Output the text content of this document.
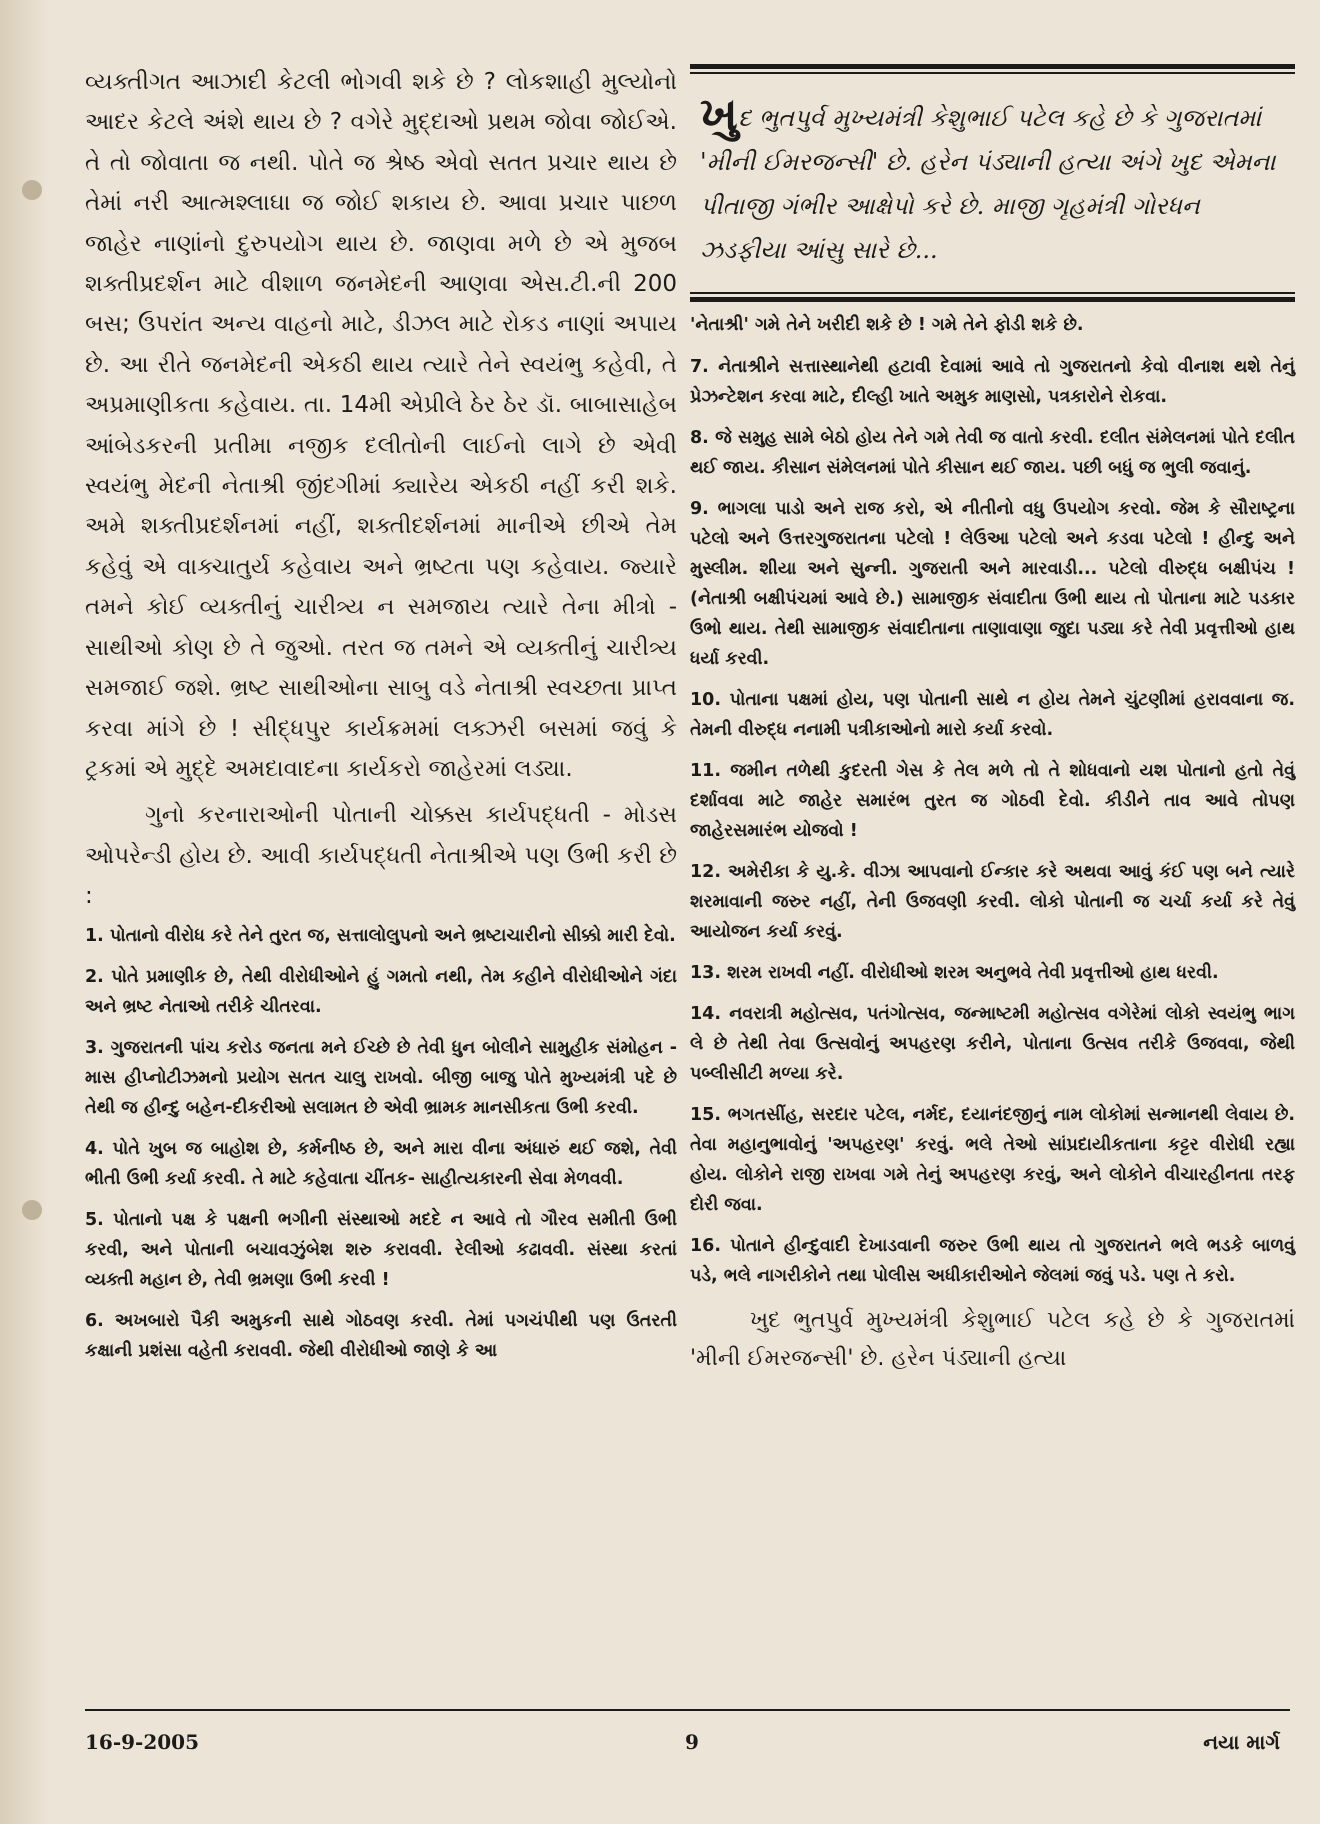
વ્યક્તીગત આઝાદી કેટલી ભોગવી શકે છે ? લોકશાહી મુલ્યોનો આદર કેટલે અંશે થાય છે ? વગેરે મુદ્દાઓ પ્રથમ જોવા જોઈએ. તે તો જોવાતા જ નથી. પોતે જ શ્રેષ્ઠ એવો સતત પ્રચાર થાય છે તેમાં નરી આત્મશ્લાઘા જ જોઈ શકાય છે. આવા પ્રચાર પાછળ જાહેર નાણાંનો દુરુપયોગ થાય છે. જાણવા મળે છે એ મુજબ શક્તીપ્રદર્શન માટે વીશાળ જનમેદની આણવા એસ.ટી.ની 200 બસ; ઉપરાંત અન્ય વાહનો માટે, ડીઝલ માટે રોકડ નાણાં અપાય છે. આ રીતે જનમેદની એકઠી થાય ત્યારે તેને સ્વયંભુ કહેવી, તે અપ્રમાણીકતા કહેવાય. તા. 14મી એપ્રીલે ઠેર ઠેર ડૉ. બાબાસાહેબ આંબેડકરની પ્રતીમા નજીક દલીતોની લાઈનો લાગે છે એવી સ્વયંભુ મેદની નેતાશ્રી જીંદગીમાં ક્યારેય એકઠી નહીં કરી શકે. અમે શક્તીપ્રદર્શનમાં નહીં, શક્તીદર્શનમાં માનીએ છીએ તેમ કહેવું એ વાક્ચાતુર્ય કહેવાય અને ભ્રષ્ટતા પણ કહેવાય. જ્યારે તમને કોઈ વ્યક્તીનું ચારીત્ર્ય ન સમજાય ત્યારે તેના મીત્રો - સાથીઓ કોણ છે તે જુઓ. તરત જ તમને એ વ્યક્તીનું ચારીત્ર્ય સમજાઈ જશે. ભ્રષ્ટ સાથીઓના સાબુ વડે નેતાશ્રી સ્વચ્છતા પ્રાપ્ત કરવા માંગે છે ! સીદ્ધપુર કાર્યક્રમમાં લક્ઝરી બસમાં જવું કે ટ્રકમાં એ મુદ્દે અમદાવાદના કાર્યકરો જાહેરમાં લડ્યા.

ગુનો કરનારાઓની પોતાની ચોક્કસ કાર્યપદ્ધતી - મોડસ ઓપરેન્ડી હોય છે. આવી કાર્યપદ્ધતી નેતાશ્રીએ પણ ઉભી કરી છે :

1. પોતાનો વીરોધ કરે તેને તુરત જ, સત્તાલોલુપનો અને ભ્રષ્ટાચારીનો સીક્કો મારી દેવો.

2. પોતે પ્રમાણીક છે, તેથી વીરોધીઓને હું ગમતો નથી, તેમ કહીને વીરોધીઓને ગંદા અને ભ્રષ્ટ નેતાઓ તરીકે ચીતરવા.

3. ગુજરાતની પાંચ કરોડ જનતા મને ઈચ્છે છે તેવી ધુન બોલીને સામુહીક સંમોહન - માસ હીપ્નોટીઝમનો પ્રયોગ સતત ચાલુ રાખવો. બીજી બાજુ પોતે મુખ્યમંત્રી પદે છે તેથી જ હીન્દુ બહેન-દીકરીઓ સલામત છે એવી ભ્રામક માનસીકતા ઉભી કરવી.

4. પોતે ખુબ જ બાહોશ છે, કર્મનીષ્ઠ છે, અને મારા વીના અંધારું થઈ જશે, તેવી ભીતી ઉભી કર્યા કરવી. તે માટે કહેવાતા ચીંતક- સાહીત્યકારની સેવા મેળવવી.

5. પોતાનો પક્ષ કે પક્ષની ભગીની સંસ્થાઓ મદદે ન આવે તો ગૌરવ સમીતી ઉભી કરવી, અને પોતાની બચાવઝુંબેશ શરુ કરાવવી. રેલીઓ કઢાવવી. સંસ્થા કરતાં વ્યક્તી મહાન છે, તેવી ભ્રમણા ઉભી કરવી !

6. અખબારો પૈકી અમુકની સાથે ગોઠવણ કરવી. તેમાં પગચંપીથી પણ ઉતરતી કક્ષાની પ્રશંસા વહેતી કરાવવી. જેથી વીરોધીઓ જાણે કે આ

ખુદ ભુતપુર્વ મુખ્યમંત્રી કેશુભાઈ પટેલ કહે છે કે ગુજરાતમાં 'મીની ઈમરજન્સી' છે. હરેન પંડ્યાની હત્યા અંગે ખુદ એમના પીતાજી ગંભીર આક્ષેપો કરે છે. માજી ગૃહમંત્રી ગોરધન ઝડફીયા આંસુ સારે છે...

'નેતાશ્રી' ગમે તેને ખરીદી શકે છે ! ગમે તેને ફોડી શકે છે.

7. નેતાશ્રીને સત્તાસ્થાનેથી હટાવી દેવામાં આવે તો ગુજરાતનો કેવો વીનાશ થશે તેનું પ્રેઝન્ટેશન કરવા માટે, દીલ્હી ખાતે અમુક માણસો, પત્રકારોને રોકવા.

8. જે સમુહ સામે બેઠો હોય તેને ગમે તેવી જ વાતો કરવી. દલીત સંમેલનમાં પોતે દલીત થઈ જાય. કીસાન સંમેલનમાં પોતે કીસાન થઈ જાય. પછી બધું જ ભુલી જવાનું.

9. ભાગલા પાડો અને રાજ કરો, એ નીતીનો વધુ ઉપયોગ કરવો. જેમ કે સૌરાષ્ટ્રના પટેલો અને ઉત્તરગુજરાતના પટેલો ! લેઉઆ પટેલો અને કડવા પટેલો ! હીન્દુ અને મુસ્લીમ. શીયા અને સુન્ની. ગુજરાતી અને મારવાડી... પટેલો વીરુદ્ધ બક્ષીપંચ ! (નેતાશ્રી બક્ષીપંચમાં આવે છે.) સામાજીક સંવાદીતા ઉભી થાય તો પોતાના માટે પડકાર ઉભો થાય. તેથી સામાજીક સંવાદીતાના તાણાવાણા જુદા પડ્યા કરે તેવી પ્રવૃત્તીઓ હાથ ધર્યા કરવી.

10. પોતાના પક્ષમાં હોય, પણ પોતાની સાથે ન હોય તેમને ચુંટણીમાં હરાવવાના જ. તેમની વીરુદ્ધ નનામી પત્રીકાઓનો મારો કર્યા કરવો.

11. જમીન તળેથી કુદરતી ગેસ કે તેલ મળે તો તે શોધવાનો યશ પોતાનો હતો તેવું દર્શાવવા માટે જાહેર સમારંભ તુરત જ ગોઠવી દેવો. કીડીને તાવ આવે તોપણ જાહેરસમારંભ યોજવો !

12. અમેરીકા કે યુ.કે. વીઝા આપવાનો ઈન્કાર કરે અથવા આવું કંઈ પણ બને ત્યારે શરમાવાની જરુર નહીં, તેની ઉજવણી કરવી. લોકો પોતાની જ ચર્ચા કર્યા કરે તેવું આયોજન કર્યા કરવું.

13. શરમ રાખવી નહીં. વીરોધીઓ શરમ અનુભવે તેવી પ્રવૃત્તીઓ હાથ ધરવી.

14. નવરાત્રી મહોત્સવ, પતંગોત્સવ, જન્માષ્ટમી મહોત્સવ વગેરેમાં લોકો સ્વયંભુ ભાગ લે છે તેથી તેવા ઉત્સવોનું અપહરણ કરીને, પોતાના ઉત્સવ તરીકે ઉજવવા, જેથી પબ્લીસીટી મળ્યા કરે.

15. ભગતસીંહ, સરદાર પટેલ, નર્મદ, દયાનંદજીનું નામ લોકોમાં સન્માનથી લેવાય છે. તેવા મહાનુભાવોનું 'અપહરણ' કરવું. ભલે તેઓ સાંપ્રદાયીકતાના કટ્ટર વીરોધી રહ્યા હોય. લોકોને રાજી રાખવા ગમે તેનું અપહરણ કરવું, અને લોકોને વીચારહીનતા તરફ દોરી જવા.

16. પોતાને હીન્દુવાદી દેખાડવાની જરુર ઉભી થાય તો ગુજરાતને ભલે ભડકે બાળવું પડે, ભલે નાગરીકોને તથા પોલીસ અધીકારીઓને જેલમાં જવું પડે. પણ તે કરો.

ખુદ ભુતપુર્વ મુખ્યમંત્રી કેશુભાઈ પટેલ કહે છે કે ગુજરાતમાં 'મીની ઈમરજન્સી' છે. હરેન પંડ્યાની હત્યા

16-9-2005	9	નયા માર્ગ
